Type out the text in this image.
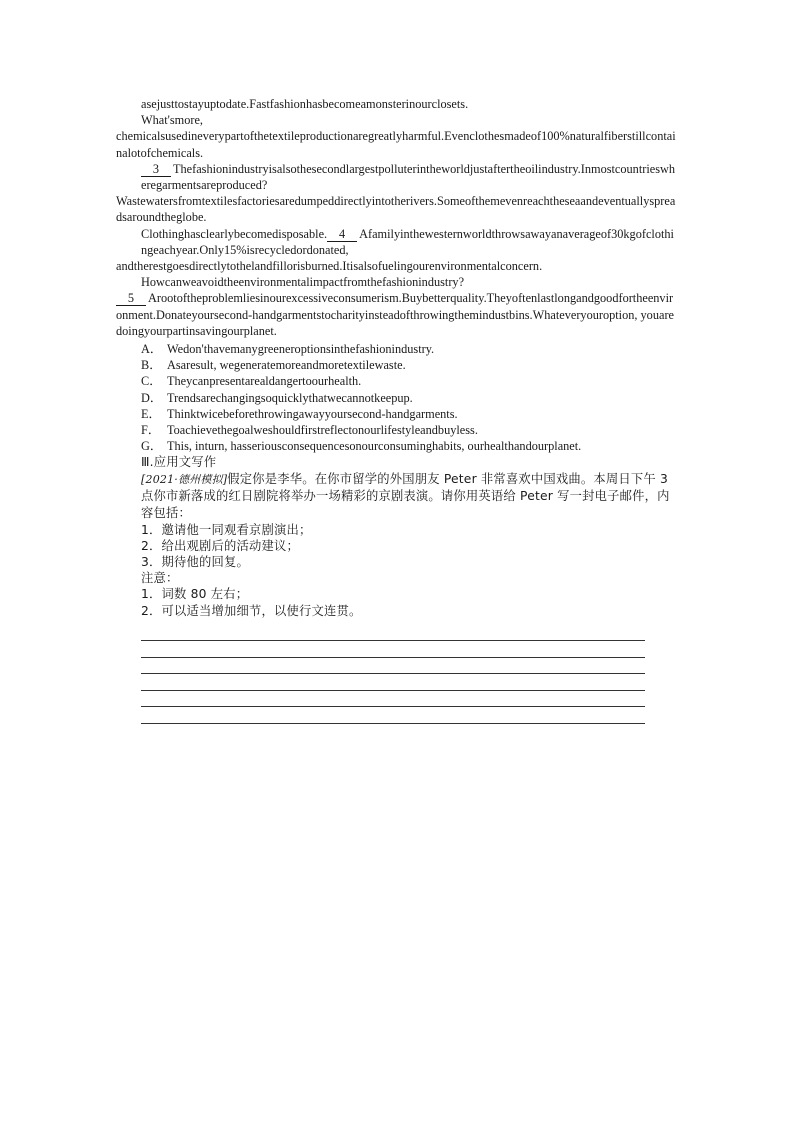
asejusttostayuptodate.Fastfashionhasbecomeamonsterinourclosets.

What'smore,

chemicalsusedineverypartofthetextileproductionaregreatlyharmful.Evenclothesmadeof100%naturalfiberstillcontainalotofchemicals.

3 Thefashionindustryisalsothesecondlargestpolluterintheworldjustaftertheoilindustry.Inmostcountrieswheregarmentsareproduced?

Wastewatersfromtextilesfactoriesaredumpeddirectlyintotherivers.Someofthemevenreachtheseaandeventuallyspreadsaroundtheglobe.

Clothinghasclearlybecomedisposable. 4 Afamilyinthewesternworldthrowsawayanaverageof30kgofclothingeachyear.Only15%isrecycledordonated,

andtherestgoesdirectlytothelandfillorisburned.Itisalsofuelingourenvironmentalconcern.

Howcanweavoidtheenvironmentalimpactfromthefashionindustry?

5 Arootoftheproblemliesinourexcessiveconsumerism.Buybetterquality.Theyoftenlastlongandgoodfortheenvironment.Donateyoursecond-handgarmentstocharityinsteadofthrowingthemindustbins.Whateveryouroption, youaredoingyourpartinsavingourplanet.

A． Wedon'thavemanygreeneroptionsinthefashionindustry.

B． Asaresult, wegeneratemoreandmoretextilewaste.

C． Theycanpresentarealdangertoourhealth.

D． Trendsarechangingsoquicklythatwecannotkeepup.

E． Thinktwicebeforethrowingawayyoursecond-handgarments.

F． Toachievethegoalweshouldfirstreflectonourlifestyleandbuyless.

G． This, inturn, hasseriousconsequencesonourconsuminghabits, ourhealthandourplanet.

Ⅲ.应用文写作

[2021·德州模拟]假定你是李华。在你市留学的外国朋友 Peter 非常喜欢中国戏曲。本周日下午 3 点你市新落成的红日剧院将举办一场精彩的京剧表演。请你用英语给 Peter 写一封电子邮件，内容包括：

1．邀请他一同观看京剧演出；

2．给出观剧后的活动建议；

3．期待他的回复。

注意：

1．词数 80 左右；

2．可以适当增加细节，以使行文连贯。
